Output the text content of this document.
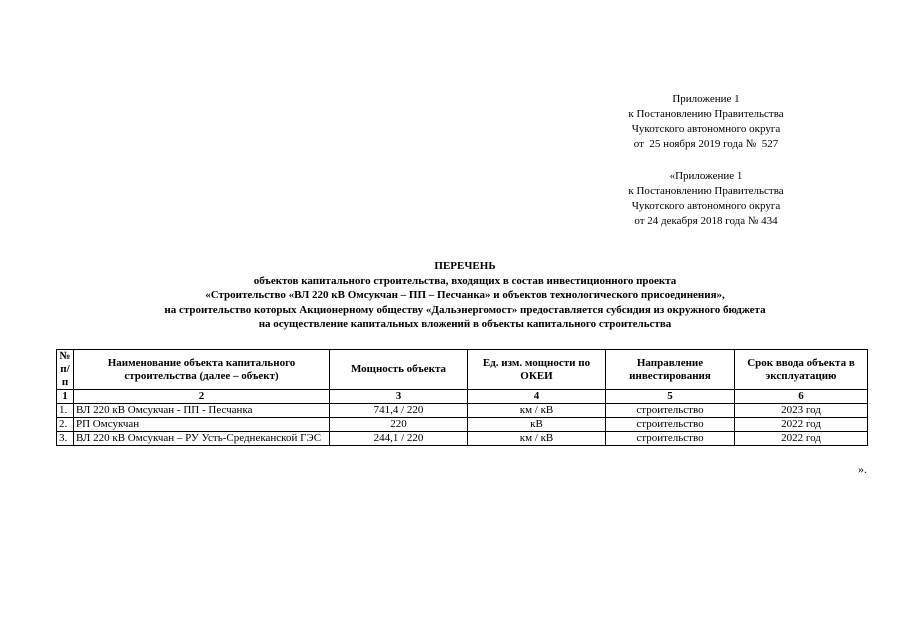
Приложение 1
к Постановлению Правительства
Чукотского автономного округа
от  25 ноября 2019 года №  527
«Приложение 1
к Постановлению Правительства
Чукотского автономного округа
от 24 декабря 2018 года № 434
ПЕРЕЧЕНЬ
объектов капитального строительства, входящих в состав инвестиционного проекта
«Строительство «ВЛ 220 кВ Омсукчан – ПП – Песчанка» и объектов технологического присоединения»,
на строительство которых Акционерному обществу «Дальэнергомост» предоставляется субсидия из окружного бюджета
на осуществление капитальных вложений в объекты капитального строительства
№ п/п	Наименование объекта капитального строительства (далее – объект)	Мощность объекта	Ед. изм. мощности по ОКЕИ	Направление инвестирования	Срок ввода объекта в эксплуатацию
1	2	3	4	5	6
1.	ВЛ 220 кВ Омсукчан - ПП - Песчанка	741,4 / 220	км / кВ	строительство	2023 год
2.	РП Омсукчан	220	кВ	строительство	2022 год
3.	ВЛ 220 кВ Омсукчан – РУ Усть-Среднеканской ГЭС	244,1 / 220	км / кВ	строительство	2022 год
».
